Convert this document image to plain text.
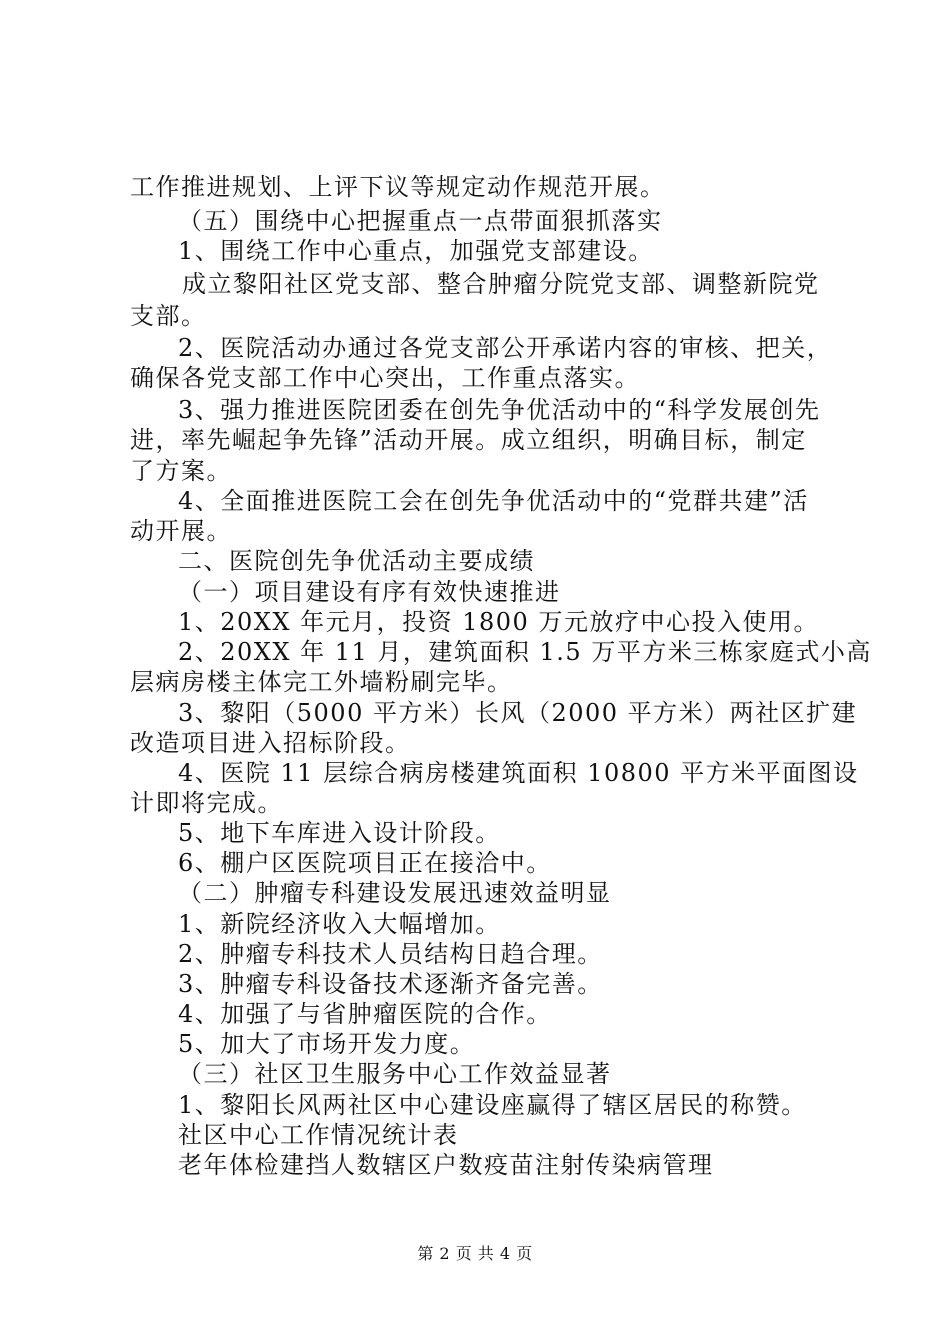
工作推进规划、上评下议等规定动作规范开展。
（五）围绕中心把握重点一点带面狠抓落实
1、围绕工作中心重点，加强党支部建设。
成立黎阳社区党支部、整合肿瘤分院党支部、调整新院党
支部。
2、医院活动办通过各党支部公开承诺内容的审核、把关，
确保各党支部工作中心突出，工作重点落实。
3、强力推进医院团委在创先争优活动中的“科学发展创先
进，率先崛起争先锋”活动开展。成立组织，明确目标，制定
了方案。
4、全面推进医院工会在创先争优活动中的“党群共建”活
动开展。
二、医院创先争优活动主要成绩
（一）项目建设有序有效快速推进
1、20XX 年元月，投资 1800 万元放疗中心投入使用。
2、20XX 年 11 月，建筑面积 1.5 万平方米三栋家庭式小高
层病房楼主体完工外墙粉刷完毕。
3、黎阳（5000 平方米）长风（2000 平方米）两社区扩建
改造项目进入招标阶段。
4、医院 11 层综合病房楼建筑面积 10800 平方米平面图设
计即将完成。
5、地下车库进入设计阶段。
6、棚户区医院项目正在接洽中。
（二）肿瘤专科建设发展迅速效益明显
1、新院经济收入大幅增加。
2、肿瘤专科技术人员结构日趋合理。
3、肿瘤专科设备技术逐渐齐备完善。
4、加强了与省肿瘤医院的合作。
5、加大了市场开发力度。
（三）社区卫生服务中心工作效益显著
1、黎阳长风两社区中心建设座赢得了辖区居民的称赞。
社区中心工作情况统计表
老年体检建挡人数辖区户数疫苗注射传染病管理
第 2 页 共 4 页
